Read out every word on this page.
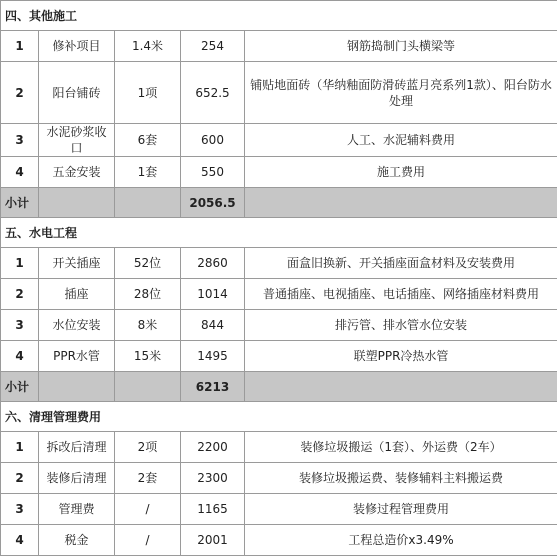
四、其他施工				
1	修补项目	1.4米	254	钢筋捣制门头横梁等
2	阳台铺砖	1项	652.5	铺贴地面砖（华纳釉面防滑砖蓝月亮系列1款）、阳台防水处理
3	水泥砂浆收口	6套	600	人工、水泥辅料费用
4	五金安装	1套	550	施工费用
小计			2056.5	
五、水电工程				
1	开关插座	52位	2860	面盒旧换新、开关插座面盒材料及安装费用
2	插座	28位	1014	普通插座、电视插座、电话插座、网络插座材料费用
3	水位安装	8米	844	排污管、排水管水位安装
4	PPR水管	15米	1495	联塑PPR冷热水管
小计			6213	
六、清理管理费用				
1	拆改后清理	2项	2200	装修垃圾搬运（1套）、外运费（2车）
2	装修后清理	2套	2300	装修垃圾搬运费、装修辅料主料搬运费
3	管理费	/	1165	装修过程管理费用
4	税金	/	2001	工程总造价x3.49%
